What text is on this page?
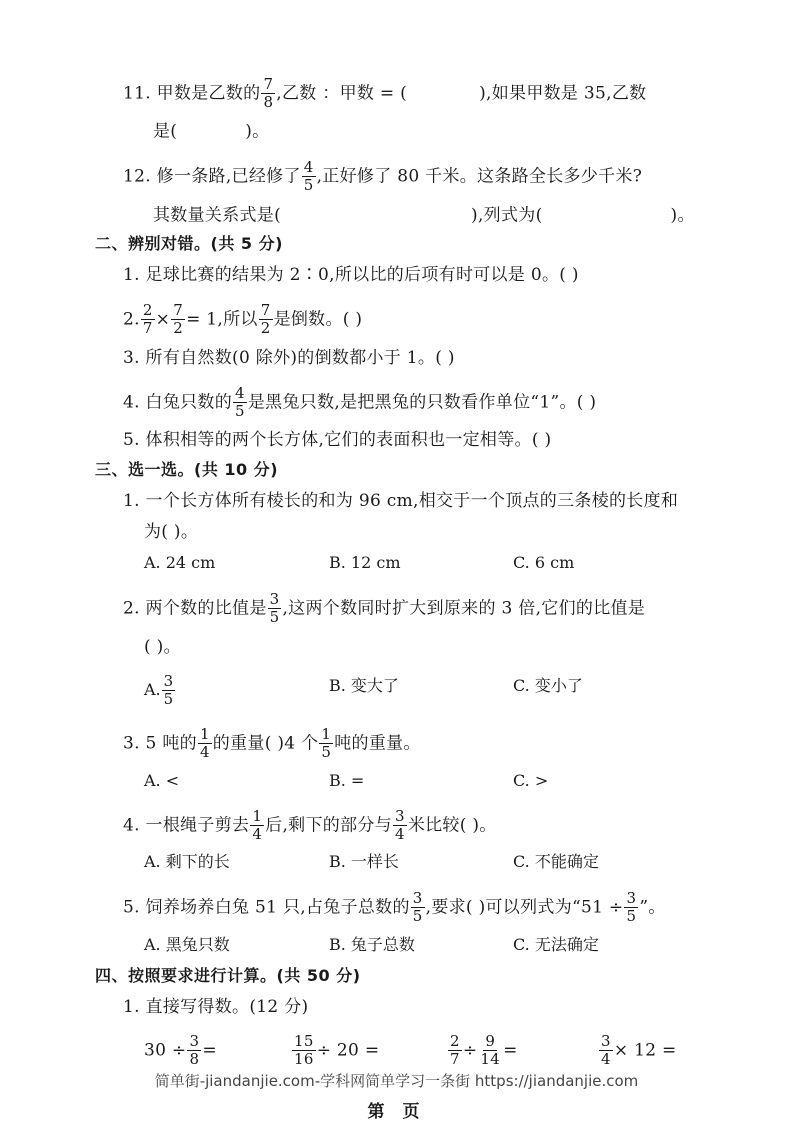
11. 甲数是乙数的 $\frac{7}{8}$ ,乙数 ：甲数 = (	),如果甲数是 35,乙数
是(	)。
12. 修一条路,已经修了 $\frac{4}{5}$ ,正好修了 80 千米。这条路全长多少千米?
其数量关系式是(	),列式为(	)。
二、辨别对错。(共 5 分)
1. 足球比赛的结果为 2∶0,所以比的后项有时可以是 0。( )
2. $\frac{2}{7} \times \frac{7}{2} = 1$,所以 $\frac{7}{2}$ 是倒数。( )
3. 所有自然数(0 除外)的倒数都小于 1。( )
4. 白兔只数的 $\frac{4}{5}$ 是黑兔只数,是把黑兔的只数看作单位“1”。( )
5. 体积相等的两个长方体,它们的表面积也一定相等。( )
三、选一选。(共 10 分)
1. 一个长方体所有棱长的和为 96 cm,相交于一个顶点的三条棱的长度和
为( )。
A. 24 cm	B. 12 cm	C. 6 cm
2. 两个数的比值是 $\frac{3}{5}$ ,这两个数同时扩大到原来的 3 倍,它们的比值是
( )。
A. $\frac{3}{5}$	B. 变大了	C. 变小了
3. 5 吨的 $\frac{1}{4}$ 的重量( )4 个 $\frac{1}{5}$ 吨的重量。
A. <	B. =	C. >
4. 一根绳子剪去 $\frac{1}{4}$ 后,剩下的部分与 $\frac{3}{4}$ 米比较( )。
A. 剩下的长	B. 一样长	C. 不能确定
5. 饲养场养白兔 51 只,占兔子总数的 $\frac{3}{5}$ ,要求( )可以列式为“$51 \div \frac{3}{5}$ ”。
A. 黑兔只数	B. 兔子总数	C. 无法确定
四、按照要求进行计算。(共 50 分)
1. 直接写得数。(12 分)
$30 \div \frac{3}{8}$ =	$\frac{15}{16} \div 20$ =	$\frac{2}{7} \div \frac{9}{14}$ =	$\frac{3}{4} \times 12$ =
简单街-jiandanjie.com-学科网简单学习一条街 https://jiandanjie.com
第 页
